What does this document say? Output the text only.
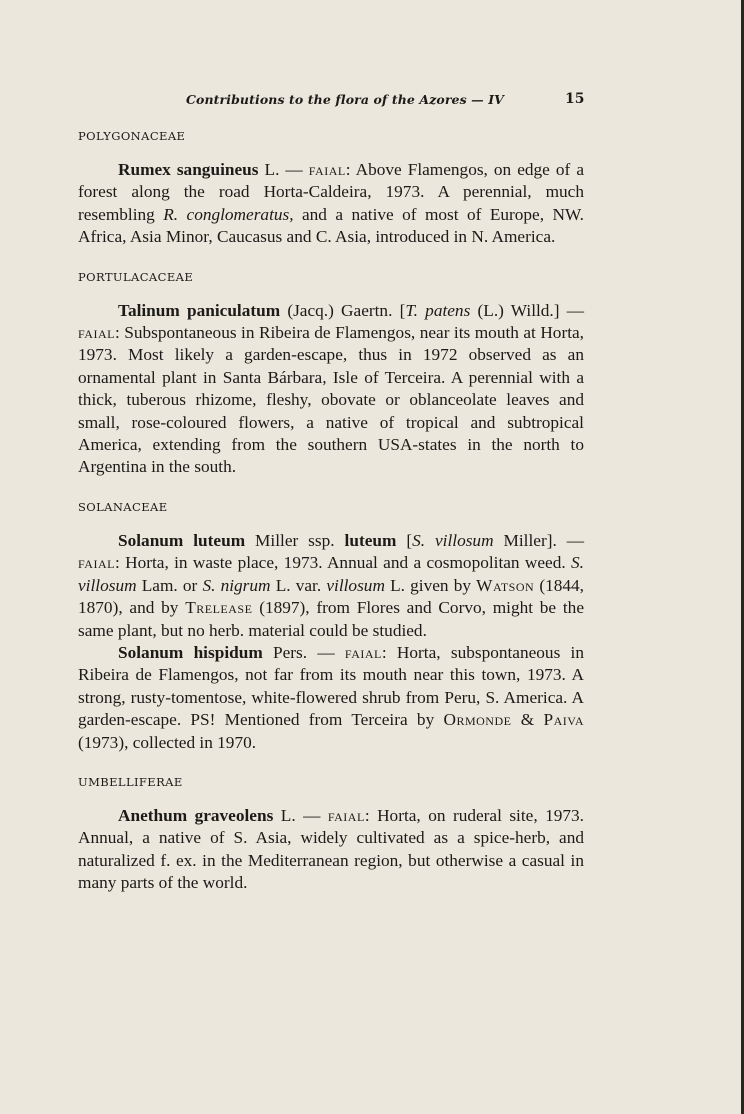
Contributions to the flora of the Azores — IV	15
POLYGONACEAE

Rumex sanguineus L. — faial: Above Flamengos, on edge of a forest along the road Horta-Caldeira, 1973. A perennial, much resembling R. conglomeratus, and a native of most of Europe, NW. Africa, Asia Minor, Caucasus and C. Asia, introduced in N. America.

PORTULACACEAE

Talinum paniculatum (Jacq.) Gaertn. [T. patens (L.) Willd.] — faial: Subspontaneous in Ribeira de Flamengos, near its mouth at Horta, 1973. Most likely a garden-escape, thus in 1972 observed as an ornamental plant in Santa Bárbara, Isle of Terceira. A perennial with a thick, tuberous rhizome, fleshy, obovate or oblanceolate leaves and small, rose-coloured flowers, a native of tropical and subtropical America, extending from the southern USA-states in the north to Argentina in the south.

SOLANACEAE

Solanum luteum Miller ssp. luteum [S. villosum Miller]. — faial: Horta, in waste place, 1973. Annual and a cosmopolitan weed. S. villosum Lam. or S. nigrum L. var. villosum L. given by Watson (1844, 1870), and by Trelease (1897), from Flores and Corvo, might be the same plant, but no herb. material could be studied.

Solanum hispidum Pers. — faial: Horta, subspontaneous in Ribeira de Flamengos, not far from its mouth near this town, 1973. A strong, rusty-tomentose, white-flowered shrub from Peru, S. America. A garden-escape. PS! Mentioned from Terceira by Ormonde & Paiva (1973), collected in 1970.

UMBELLIFERAE

Anethum graveolens L. — faial: Horta, on ruderal site, 1973. Annual, a native of S. Asia, widely cultivated as a spice-herb, and naturalized f. ex. in the Mediterranean region, but otherwise a casual in many parts of the world.
